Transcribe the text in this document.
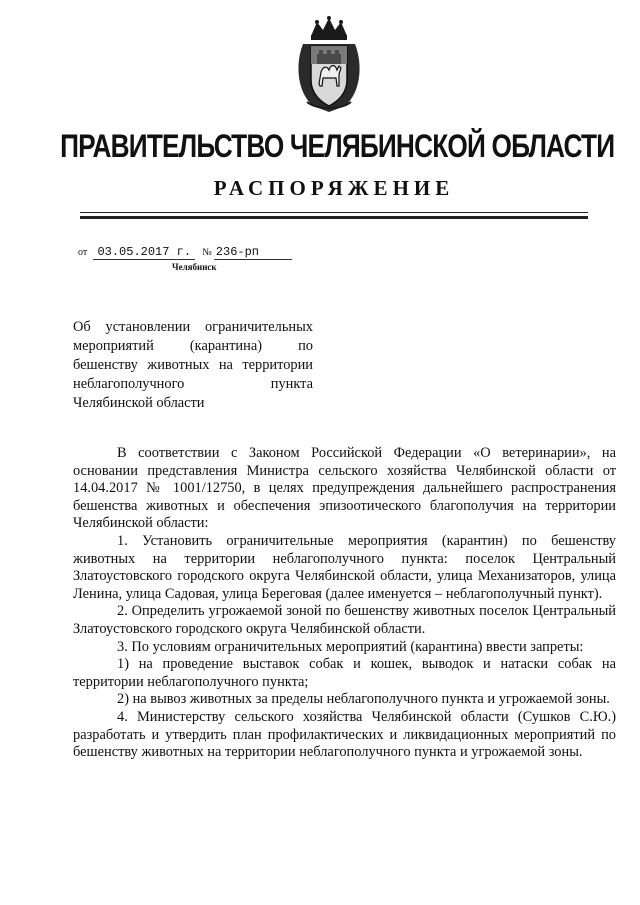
ПРАВИТЕЛЬСТВО ЧЕЛЯБИНСКОЙ ОБЛАСТИ
РАСПОРЯЖЕНИЕ
от 03.05.2017 г. № 236-рп
Челябинск
Об установлении ограничительных мероприятий (карантина) по бешенству животных на территории неблагополучного пункта Челябинской области

В соответствии с Законом Российской Федерации «О ветеринарии», на основании представления Министра сельского хозяйства Челябинской области от 14.04.2017 № 1001/12750, в целях предупреждения дальнейшего распространения бешенства животных и обеспечения эпизоотического благополучия на территории Челябинской области:

1. Установить ограничительные мероприятия (карантин) по бешенству животных на территории неблагополучного пункта: поселок Центральный Златоустовского городского округа Челябинской области, улица Механизаторов, улица Ленина, улица Садовая, улица Береговая (далее именуется – неблагополучный пункт).

2. Определить угрожаемой зоной по бешенству животных поселок Центральный Златоустовского городского округа Челябинской области.

3. По условиям ограничительных мероприятий (карантина) ввести запреты:

1) на проведение выставок собак и кошек, выводок и натаски собак на территории неблагополучного пункта;

2) на вывоз животных за пределы неблагополучного пункта и угрожаемой зоны.

4. Министерству сельского хозяйства Челябинской области (Сушков С.Ю.) разработать и утвердить план профилактических и ликвидационных мероприятий по бешенству животных на территории неблагополучного пункта и угрожаемой зоны.
